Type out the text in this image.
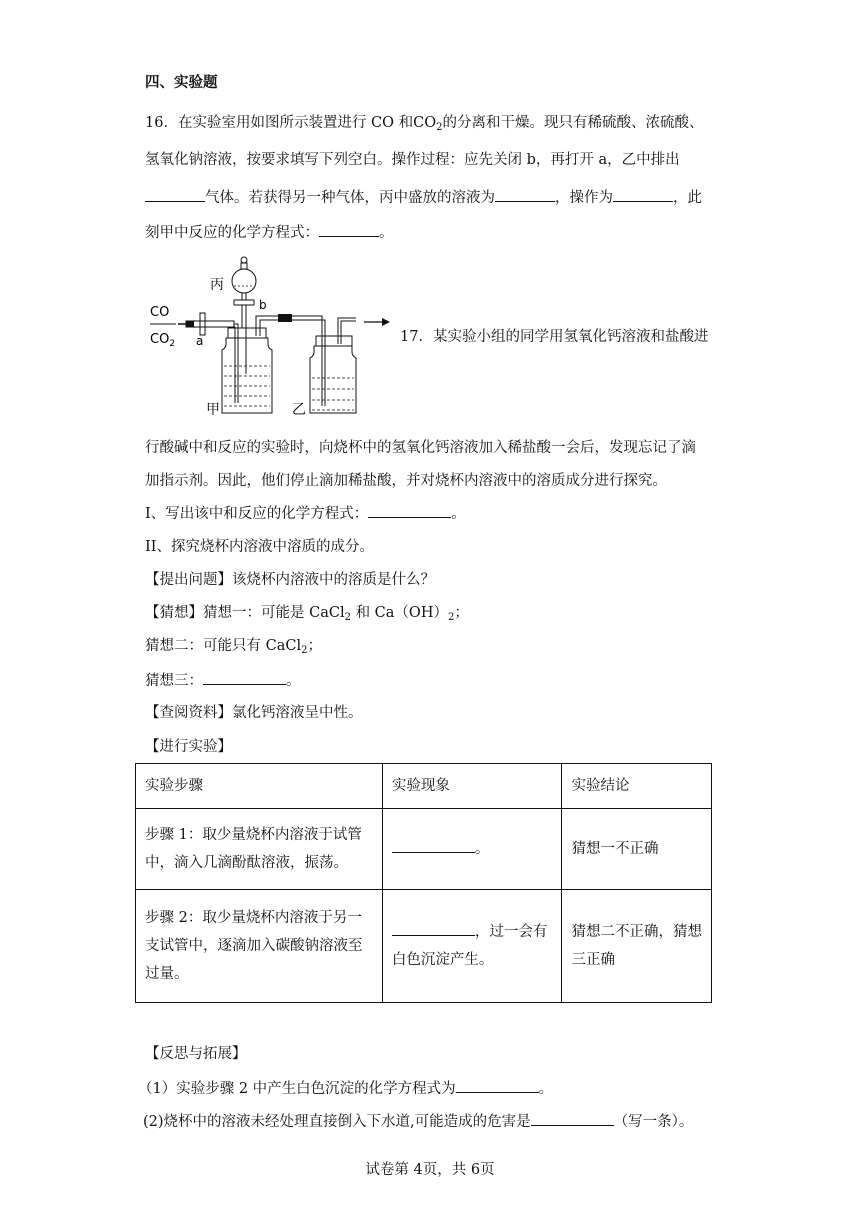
四、实验题
16．在实验室用如图所示装置进行 CO 和$CO_2$的分离和干燥。现只有稀硫酸、浓硫酸、
氢氧化钠溶液，按要求填写下列空白。操作过程：应先关闭 b，再打开 a，乙中排出
气体。若获得另一种气体，丙中盛放的溶液为	，操作为	，此
刻甲中反应的化学方程式：	。
CO
$CO_2$ a
丙
b
甲	乙
17．某实验小组的同学用氢氧化钙溶液和盐酸进
行酸碱中和反应的实验时，向烧杯中的氢氧化钙溶液加入稀盐酸一会后，发现忘记了滴
加指示剂。因此，他们停止滴加稀盐酸，并对烧杯内溶液中的溶质成分进行探究。
I、写出该中和反应的化学方程式：	。
II、探究烧杯内溶液中溶质的成分。
【提出问题】该烧杯内溶液中的溶质是什么？
【猜想】猜想一：可能是 CaCl$_2$ 和 $Ca(OH)_2$；
猜想二：可能只有 CaCl$_2$；
猜想三：	。
【查阅资料】氯化钙溶液呈中性。
【进行实验】
实验步骤	实验现象	实验结论

步骤 1：取少量烧杯内溶液于试管中，滴入几滴酚酞溶液，振荡。	。	猜想一不正确

步骤 2：取少量烧杯内溶液于另一支试管中，逐滴加入碳酸钠溶液至过量。	，过一会有白色沉淀产生。	猜想二不正确，猜想三正确
【反思与拓展】
（1）实验步骤 2 中产生白色沉淀的化学方程式为	。
(2)烧杯中的溶液未经处理直接倒入下水道,可能造成的危害是	（写一条）。
试卷第 4页，共 6页
